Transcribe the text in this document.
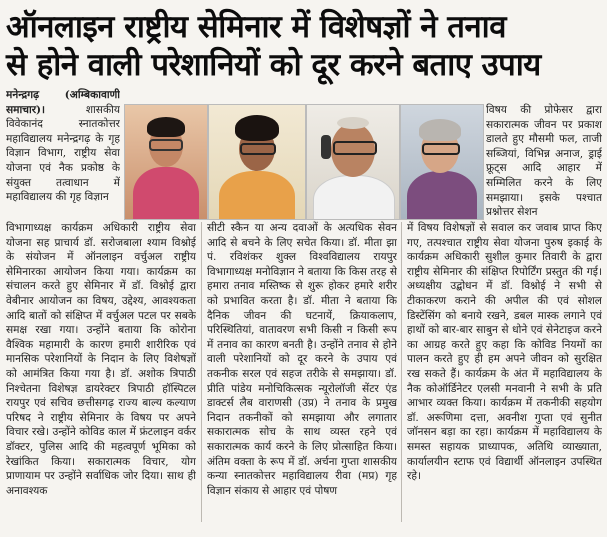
ऑनलाइन राष्ट्रीय सेमिनार में विशेषज्ञों ने तनाव
से होने वाली परेशानियों को दूर करने बताए उपाय

मनेन्द्रगढ़ (अम्बिकावाणी समाचार)। शासकीय विवेकानंद स्नातकोत्तर महाविद्यालय मनेन्द्रगढ़ के गृह विज्ञान विभाग, राष्ट्रीय सेवा योजना एवं नैक प्रकोष्ठ के संयुक्त तत्वाधान में महाविद्यालय की गृह विज्ञान

विषय की प्रोफेसर द्वारा सकारात्मक जीवन पर प्रकाश डालते हुए मौसमी फल, ताजी सब्जियां, विभिन्न अनाज, ड्राई फ्रूट्स आदि आहार में सम्मिलित करने के लिए समझाया। इसके पश्चात प्रश्नोत्तर सेशन

विभागाध्यक्ष कार्यक्रम अधिकारी राष्ट्रीय सेवा योजना सह प्राचार्य डॉ. सरोजबाला श्याम विश्नोई के संयोजन में ऑनलाइन वर्चुअल राष्ट्रीय सेमिनारका आयोजन किया गया। कार्यक्रम का संचालन करते हुए सेमिनार में डॉ. विश्नोई द्वारा वेबीनार आयोजन का विषय, उद्देश्य, आवश्यकता आदि बातों को संक्षिप्त में वर्चुअल पटल पर सबके समक्ष रखा गया। उन्होंने बताया कि कोरोना वैश्विक महामारी के कारण हमारी शारीरिक एवं मानसिक परेशानियों के निदान के लिए विशेषज्ञों को आमंत्रित किया गया है। डॉ. अशोक त्रिपाठी निश्चेतना विशेषज्ञ डायरेक्टर त्रिपाठी हॉस्पिटल रायपुर एवं सचिव छत्तीसगढ़ राज्य बाल्य कल्याण परिषद ने राष्ट्रीय सेमिनार के विषय पर अपने विचार रखे। उन्होंने कोविड काल में फ्रंटलाइन वर्कर डॉक्टर, पुलिस आदि की महत्वपूर्ण भूमिका को रेखांकित किया। सकारात्मक विचार, योग प्राणायाम पर उन्होंने सर्वाधिक जोर दिया। साथ ही अनावश्यक

सीटी स्कैन या अन्य दवाओं के अत्यधिक सेवन आदि से बचने के लिए सचेत किया। डॉ. मीता झा पं. रविशंकर शुक्ल विश्वविद्यालय रायपुर विभागाध्यक्ष मनोविज्ञान ने बताया कि किस तरह से हमारा तनाव मस्तिष्क से शुरू होकर हमारे शरीर को प्रभावित करता है। डॉ. मीता ने बताया कि दैनिक जीवन की घटनायें, क्रियाकलाप, परिस्थितियां, वातावरण सभी किसी न किसी रूप में तनाव का कारण बनती है। उन्होंने तनाव से होने वाली परेशानियों को दूर करने के उपाय एवं तकनीक सरल एवं सहज तरीके से समझाया। डॉ. प्रीति पांडेय मनोचिकित्सक न्यूरोलॉजी सेंटर एंड डाक्टर्स लैब वाराणसी (उप्र) ने तनाव के प्रमुख निदान तकनीकों को समझाया और लगातार सकारात्मक सोच के साथ व्यस्त रहने एवं सकारात्मक कार्य करने के लिए प्रोत्साहित किया। अंतिम वक्ता के रूप में डॉ. अर्चना गुप्ता शासकीय कन्या स्नातकोत्तर महाविद्यालय रीवा (मप्र) गृह विज्ञान संकाय से आहार एवं पोषण

में विषय विशेषज्ञों से सवाल कर जवाब प्राप्त किए गए, तत्पश्चात राष्ट्रीय सेवा योजना पुरुष इकाई के कार्यक्रम अधिकारी सुशील कुमार तिवारी के द्वारा राष्ट्रीय सेमिनार की संक्षिप्त रिपोर्टिंग प्रस्तुत की गई। अध्यक्षीय उद्बोधन में डॉ. विश्नोई ने सभी से टीकाकरण कराने की अपील की एवं सोशल डिस्टेंसिंग को बनाये रखने, डबल मास्क लगाने एवं हाथों को बार-बार साबुन से धोने एवं सेनेटाइज करने का आग्रह करते हुए कहा कि कोविड नियमों का पालन करते हुए ही हम अपने जीवन को सुरक्षित रख सकते हैं। कार्यक्रम के अंत में महाविद्यालय के नैक कोऑर्डिनेटर एलसी मनवानी ने सभी के प्रति आभार व्यक्त किया। कार्यक्रम में तकनीकी सहयोग डॉ. अरूणिमा दत्ता, अवनीश गुप्ता एवं सुनीत जॉनसन बड़ा का रहा। कार्यक्रम में महाविद्यालय के समस्त सहायक प्राध्यापक, अतिथि व्याख्याता, कार्यालयीन स्टाफ एवं विद्यार्थी ऑनलाइन उपस्थित रहे।
